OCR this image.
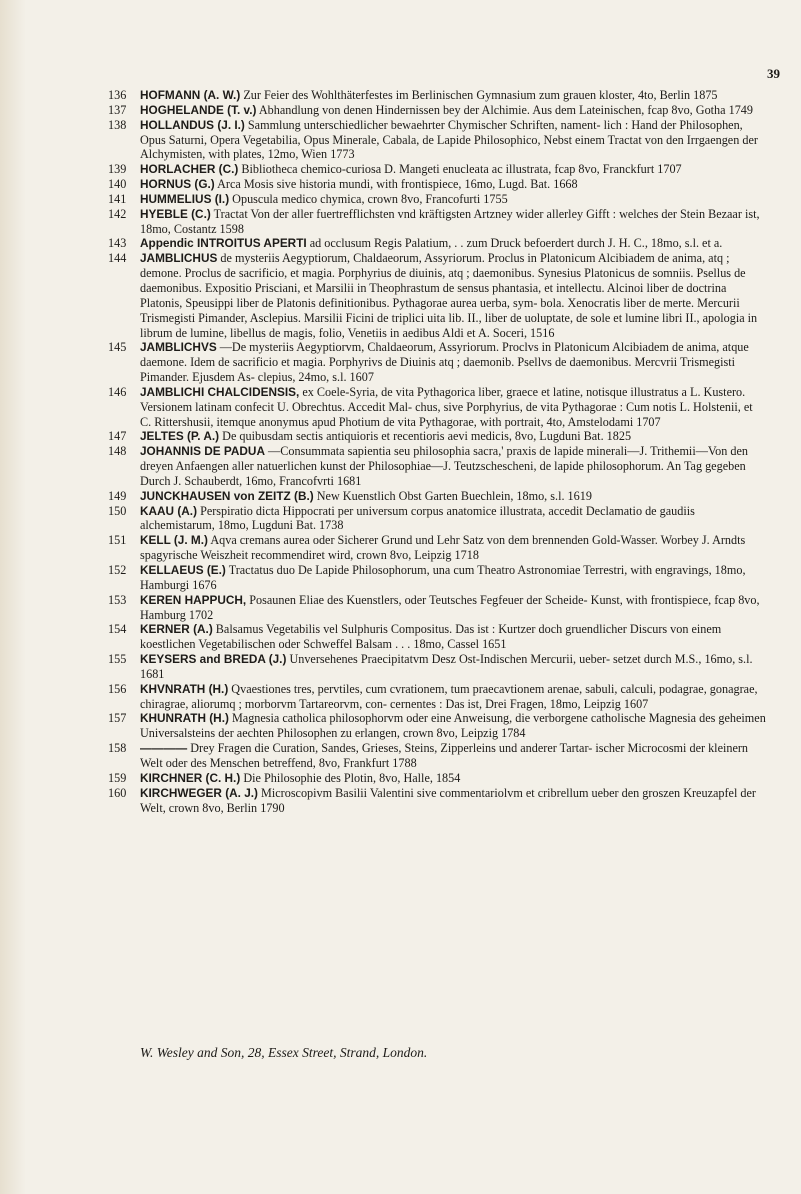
39
136 HOFMANN (A. W.) Zur Feier des Wohlthäterfestes im Berlinischen Gymnasium zum grauen kloster, 4to, Berlin 1875
137 HOGHELANDE (T. v.) Abhandlung von denen Hindernissen bey der Alchimie. Aus dem Lateinischen, fcap 8vo, Gotha 1749
138 HOLLANDUS (J. I.) Sammlung unterschiedlicher bewaehrter Chymischer Schriften, nament- lich : Hand der Philosophen, Opus Saturni, Opera Vegetabilia, Opus Minerale, Cabala, de Lapide Philosophico, Nebst einem Tractat von den Irrgaengen der Alchymisten, with plates, 12mo, Wien 1773
139 HORLACHER (C.) Bibliotheca chemico-curiosa D. Mangeti enucleata ac illustrata, fcap 8vo, Franckfurt 1707
140 HORNUS (G.) Arca Mosis sive historia mundi, with frontispiece, 16mo, Lugd. Bat. 1668
141 HUMMELIUS (I.) Opuscula medico chymica, crown 8vo, Francofurti 1755
142 HYEBLE (C.) Tractat Von der aller fuertrefflichsten vnd kräftigsten Artzney wider allerley Gifft : welches der Stein Bezaar ist, 18mo, Costantz 1598
143 Appendic INTROITUS APERTI ad occlusum Regis Palatium, . . zum Druck befoerdert durch J. H. C., 18mo, s.l. et a.
144 JAMBLICHUS de mysteriis Aegyptiorum, Chaldaeorum, Assyriorum. Proclus in Platonicum Alcibiadem de anima, atq ; demone. Proclus de sacrificio, et magia. Porphyrius de diuinis, atq ; daemonibus. Synesius Platonicus de somniis. Psellus de daemonibus. Expositio Prisciani, et Marsilii in Theophrastum de sensus phantasia, et intellectu. Alcinoi liber de doctrina Platonis, Speusippi liber de Platonis definitionibus. Pythagorae aurea uerba, sym- bola. Xenocratis liber de merte. Mercurii Trismegisti Pimander, Asclepius. Marsilii Ficini de triplici uita lib. II., liber de uoluptate, de sole et lumine libri II., apologia in librum de lumine, libellus de magis, folio, Venetiis in aedibus Aldi et A. Soceri, 1516
145 JAMBLICHVS —De mysteriis Aegyptiorvm, Chaldaeorum, Assyriorum. Proclvs in Platonicum Alcibiadem de anima, atque daemone. Idem de sacrificio et magia. Porphyrivs de Diuinis atq ; daemonib. Psellvs de daemonibus. Mercvrii Trismegisti Pimander. Ejusdem As- clepius, 24mo, s.l. 1607
146 JAMBLICHI CHALCIDENSIS, ex Coele-Syria, de vita Pythagorica liber, graece et latine, notisque illustratus a L. Kustero. Versionem latinam confecit U. Obrechtus. Accedit Mal- chus, sive Porphyrius, de vita Pythagorae : Cum notis L. Holstenii, et C. Rittershusii, itemque anonymus apud Photium de vita Pythagorae, with portrait, 4to, Amstelodami 1707
147 JELTES (P. A.) De quibusdam sectis antiquioris et recentioris aevi medicis, 8vo, Lugduni Bat. 1825
148 JOHANNIS DE PADUA —Consummata sapientia seu philosophia sacra,' praxis de lapide minerali—J. Trithemii—Von den dreyen Anfaengen aller natuerlichen kunst der Philosophiae—J. Teutzschescheni, de lapide philosophorum. An Tag gegeben Durch J. Schauberdt, 16mo, Francofvrti 1681
149 JUNCKHAUSEN von ZEITZ (B.) New Kuenstlich Obst Garten Buechlein, 18mo, s.l. 1619
150 KAAU (A.) Perspiratio dicta Hippocrati per universum corpus anatomice illustrata, accedit Declamatio de gaudiis alchemistarum, 18mo, Lugduni Bat. 1738
151 KELL (J. M.) Aqva cremans aurea oder Sicherer Grund und Lehr Satz von dem brennenden Gold-Wasser. Worbey J. Arndts spagyrische Weiszheit recommendiret wird, crown 8vo, Leipzig 1718
152 KELLAEUS (E.) Tractatus duo De Lapide Philosophorum, una cum Theatro Astronomiae Terrestri, with engravings, 18mo, Hamburgi 1676
153 KEREN HAPPUCH, Posaunen Eliae des Kuenstlers, oder Teutsches Fegfeuer der Scheide- Kunst, with frontispiece, fcap 8vo, Hamburg 1702
154 KERNER (A.) Balsamus Vegetabilis vel Sulphuris Compositus. Das ist : Kurtzer doch gruendlicher Discurs von einem koestlichen Vegetabilischen oder Schweffel Balsam . . . 18mo, Cassel 1651
155 KEYSERS and BREDA (J.) Unversehenes Praecipitatvm Desz Ost-Indischen Mercurii, ueber- setzet durch M.S., 16mo, s.l. 1681
156 KHVNRATH (H.) Qvaestiones tres, pervtiles, cum cvrationem, tum praecavtionem arenae, sabuli, calculi, podagrae, gonagrae, chiragrae, aliorumq ; morborvm Tartareorvm, con- cernentes : Das ist, Drei Fragen, 18mo, Leipzig 1607
157 KHUNRATH (H.) Magnesia catholica philosophorvm oder eine Anweisung, die verborgene catholische Magnesia des geheimen Universalsteins der aechten Philosophen zu erlangen, crown 8vo, Leipzig 1784
158 ———— Drey Fragen die Curation, Sandes, Grieses, Steins, Zipperleins und anderer Tartar- ischer Microcosmi der kleinern Welt oder des Menschen betreffend, 8vo, Frankfurt 1788
159 KIRCHNER (C. H.) Die Philosophie des Plotin, 8vo, Halle, 1854
160 KIRCHWEGER (A. J.) Microscopivm Basilii Valentini sive commentariolvm et cribrellum ueber den groszen Kreuzapfel der Welt, crown 8vo, Berlin 1790
W. Wesley and Son, 28, Essex Street, Strand, London.
